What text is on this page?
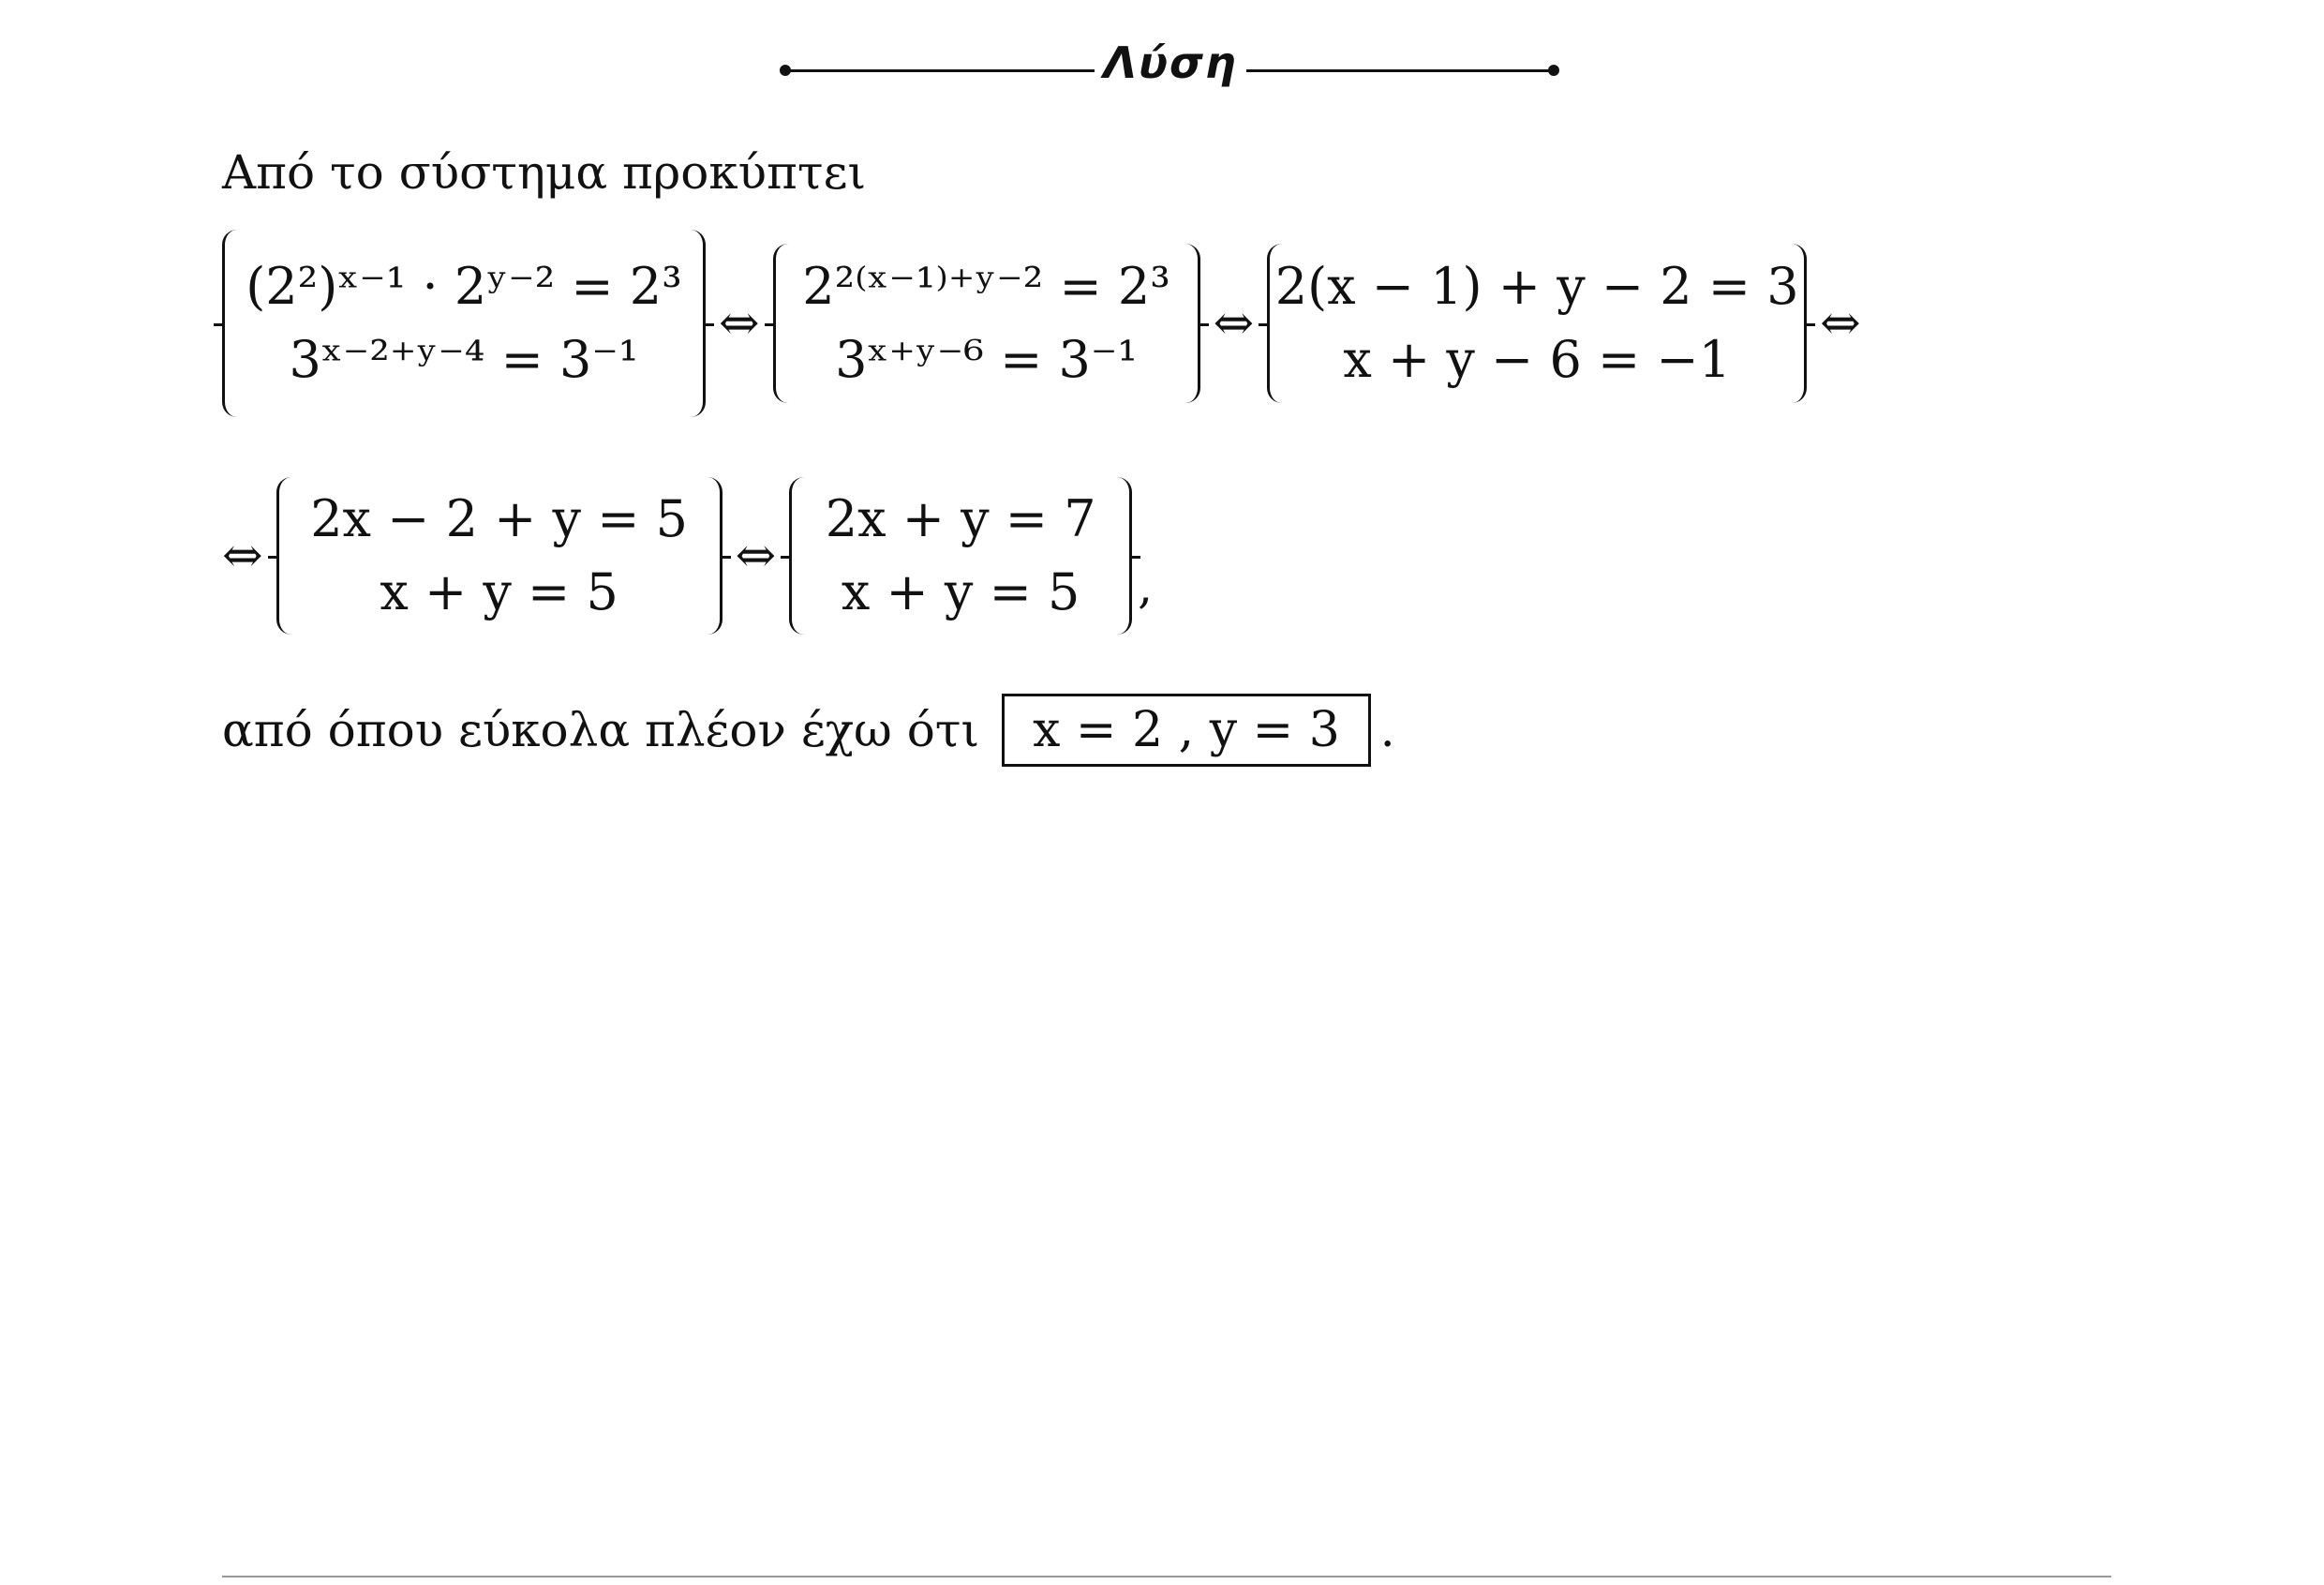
Λύση
Από το σύστημα προκύπτει
(2²)ˣ⁻¹ · 2ʸ⁻² = 2³
3ˣ⁻²⁺ʸ⁻⁴ = 3⁻¹
⇔
2²⁽ˣ⁻¹⁾⁺ʸ⁻² = 2³
3ˣ⁺ʸ⁻⁶ = 3⁻¹
⇔
2(x − 1) + y − 2 = 3
x + y − 6 = −1
⇔
⇔
2x − 2 + y = 5
x + y = 5
⇔
2x + y = 7
x + y = 5 ,
από όπου εύκολα πλέον έχω ότι	x = 2 , y = 3 .
